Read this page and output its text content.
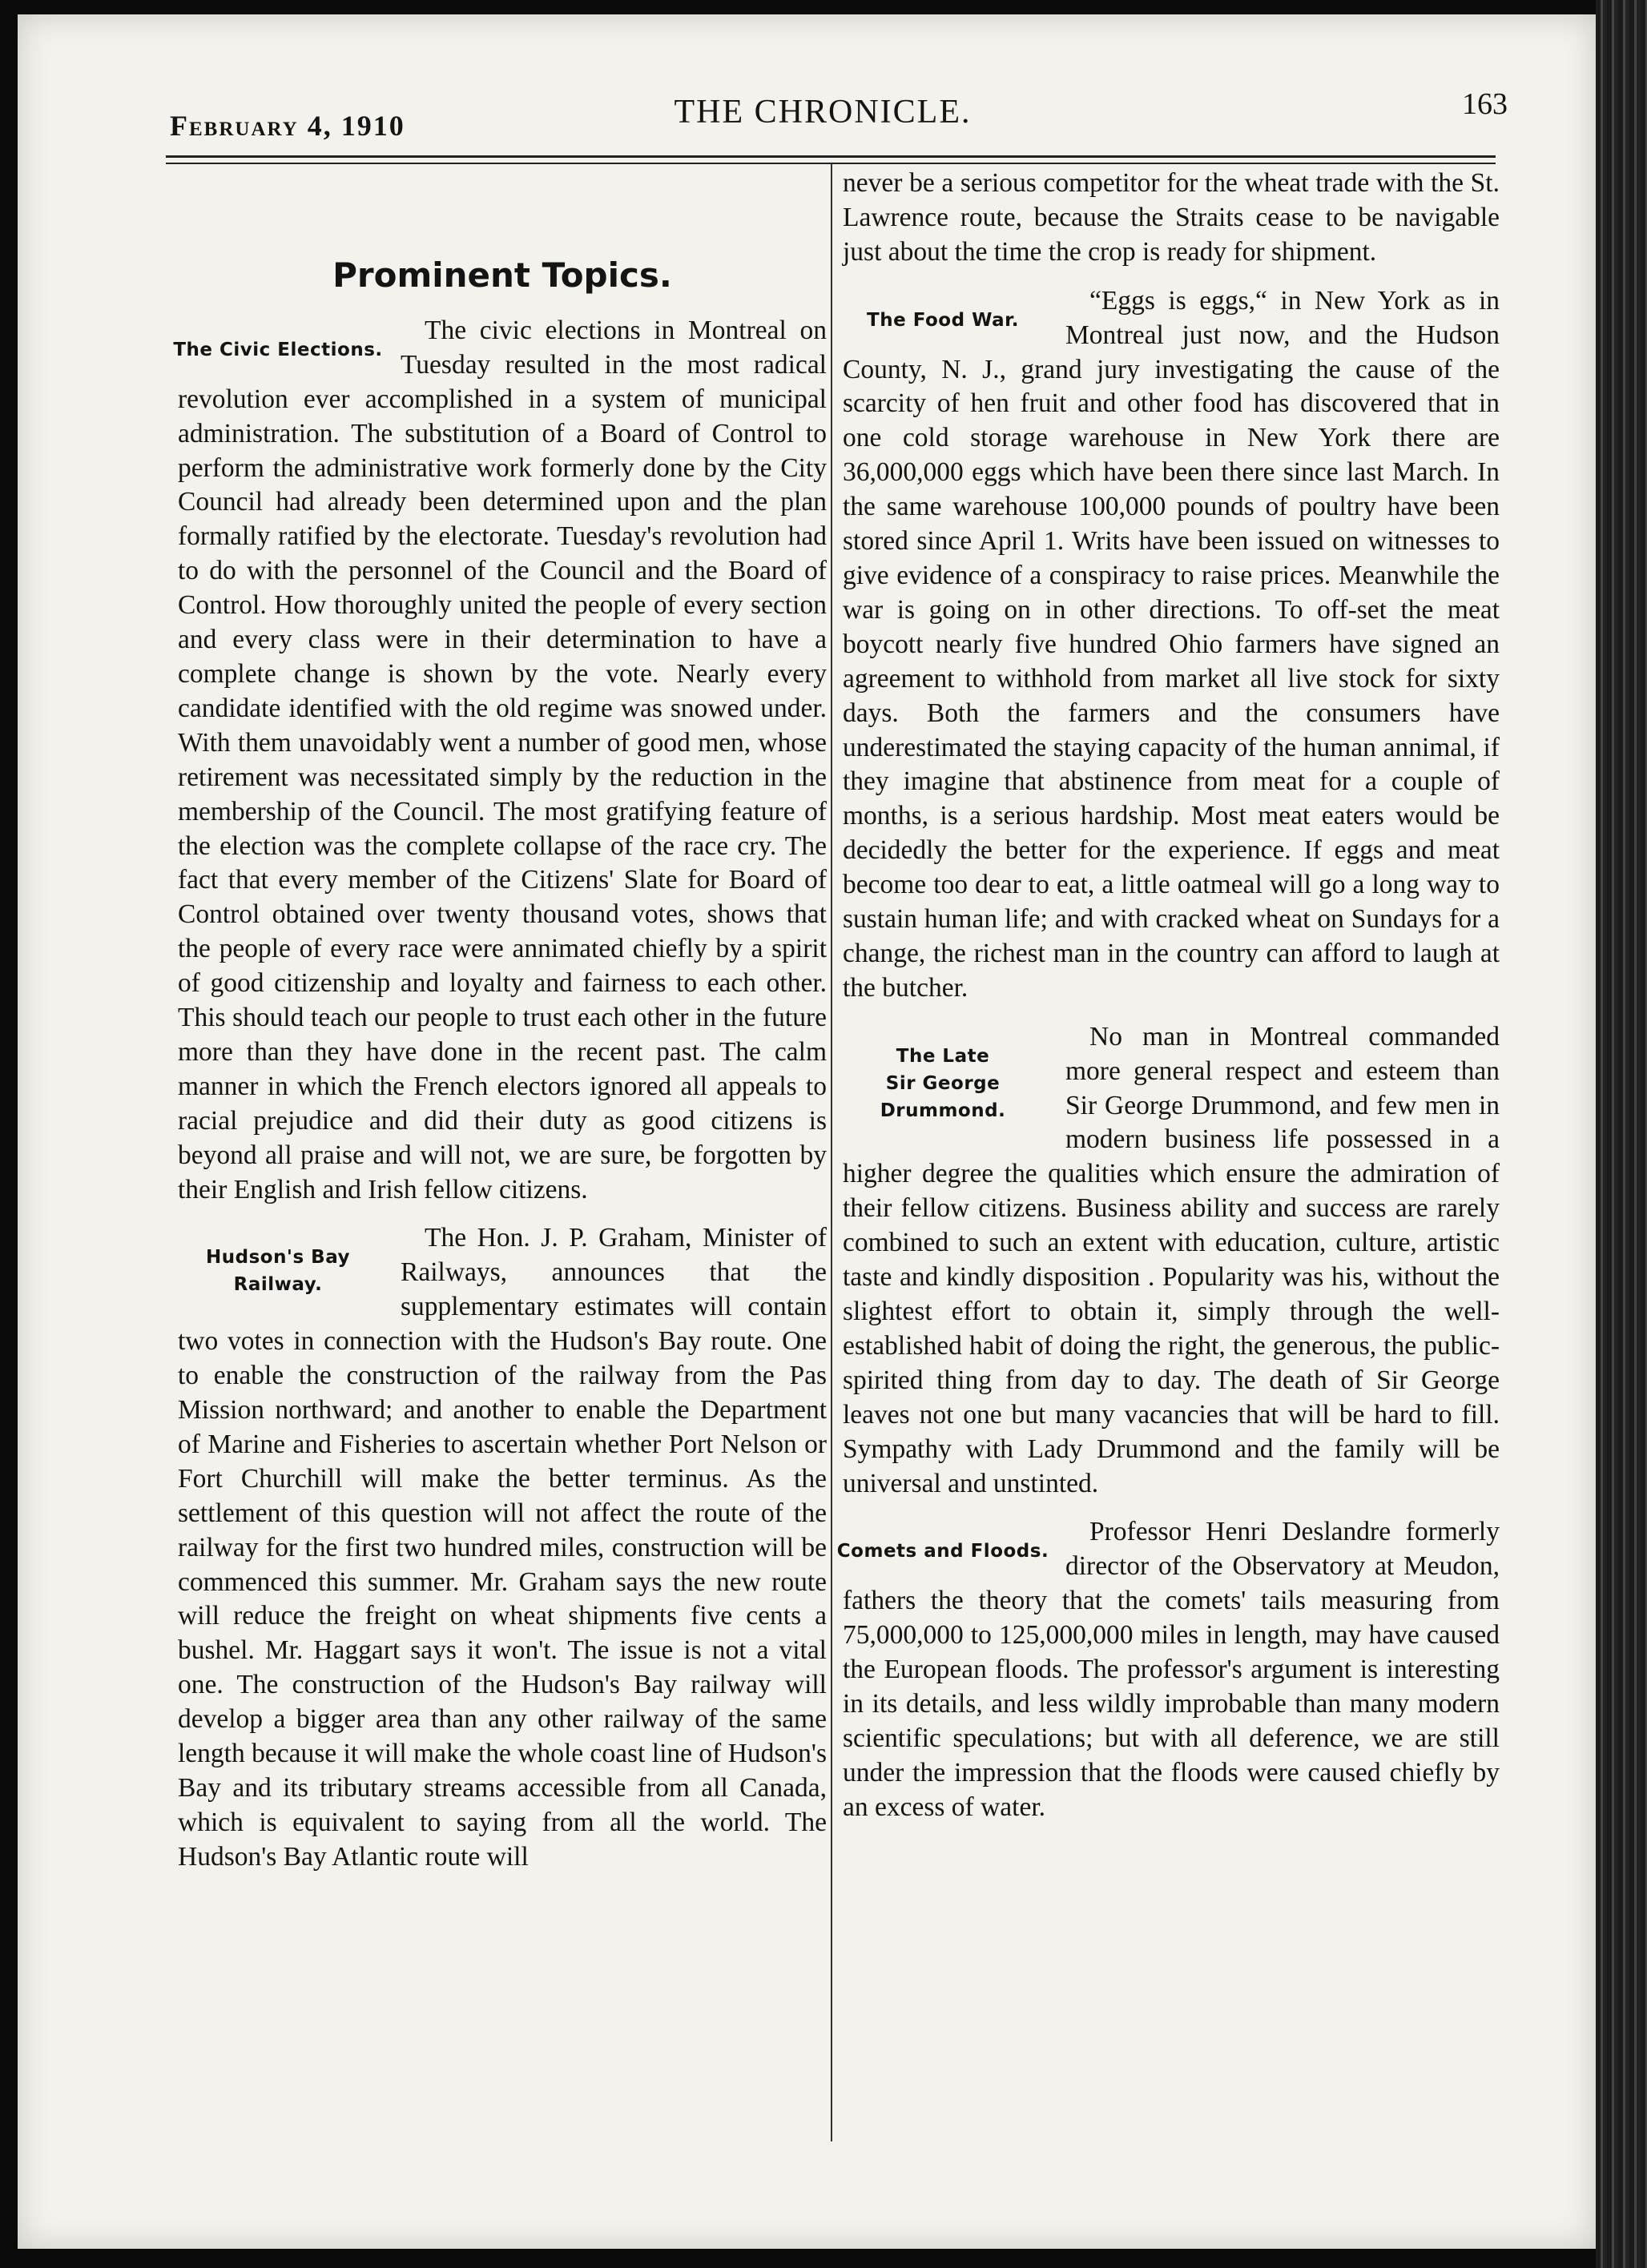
February 4, 1910	THE CHRONICLE.	163
Prominent Topics.
The Civic Elections.

The civic elections in Montreal on Tuesday resulted in the most radical revolution ever accomplished in a system of municipal administration. The substitution of a Board of Control to perform the administrative work formerly done by the City Council had already been determined upon and the plan formally ratified by the electorate. Tuesday's revolution had to do with the personnel of the Council and the Board of Control. How thoroughly united the people of every section and every class were in their determination to have a complete change is shown by the vote. Nearly every candidate identified with the old regime was snowed under. With them unavoidably went a number of good men, whose retirement was necessitated simply by the reduction in the membership of the Council. The most gratifying feature of the election was the complete collapse of the race cry. The fact that every member of the Citizens' Slate for Board of Control obtained over twenty thousand votes, shows that the people of every race were annimated chiefly by a spirit of good citizenship and loyalty and fairness to each other. This should teach our people to trust each other in the future more than they have done in the recent past. The calm manner in which the French electors ignored all appeals to racial prejudice and did their duty as good citizens is beyond all praise and will not, we are sure, be forgotten by their English and Irish fellow citizens.

Hudson's Bay
Railway.

The Hon. J. P. Graham, Minister of Railways, announces that the supplementary estimates will contain two votes in connection with the Hudson's Bay route. One to enable the construction of the railway from the Pas Mission northward; and another to enable the Department of Marine and Fisheries to ascertain whether Port Nelson or Fort Churchill will make the better terminus. As the settlement of this question will not affect the route of the railway for the first two hundred miles, construction will be commenced this summer. Mr. Graham says the new route will reduce the freight on wheat shipments five cents a bushel. Mr. Haggart says it won't. The issue is not a vital one. The construction of the Hudson's Bay railway will develop a bigger area than any other railway of the same length because it will make the whole coast line of Hudson's Bay and its tributary streams accessible from all Canada, which is equivalent to saying from all the world. The Hudson's Bay Atlantic route will

never be a serious competitor for the wheat trade with the St. Lawrence route, because the Straits cease to be navigable just about the time the crop is ready for shipment.

The Food War.

“Eggs is eggs,“ in New York as in Montreal just now, and the Hudson County, N. J., grand jury investigating the cause of the scarcity of hen fruit and other food has discovered that in one cold storage warehouse in New York there are 36,000,000 eggs which have been there since last March. In the same warehouse 100,000 pounds of poultry have been stored since April 1. Writs have been issued on witnesses to give evidence of a conspiracy to raise prices. Meanwhile the war is going on in other directions. To off-set the meat boycott nearly five hundred Ohio farmers have signed an agreement to withhold from market all live stock for sixty days. Both the farmers and the consumers have underestimated the staying capacity of the human annimal, if they imagine that abstinence from meat for a couple of months, is a serious hardship. Most meat eaters would be decidedly the better for the experience. If eggs and meat become too dear to eat, a little oatmeal will go a long way to sustain human life; and with cracked wheat on Sundays for a change, the richest man in the country can afford to laugh at the butcher.

The Late
Sir George Drummond.

No man in Montreal commanded more general respect and esteem than Sir George Drummond, and few men in modern business life possessed in a higher degree the qualities which ensure the admiration of their fellow citizens. Business ability and success are rarely combined to such an extent with education, culture, artistic taste and kindly disposition . Popularity was his, without the slightest effort to obtain it, simply through the well-established habit of doing the right, the generous, the public-spirited thing from day to day. The death of Sir George leaves not one but many vacancies that will be hard to fill. Sympathy with Lady Drummond and the family will be universal and unstinted.

Comets and Floods.

Professor Henri Deslandre formerly director of the Observatory at Meudon, fathers the theory that the comets' tails measuring from 75,000,000 to 125,000,000 miles in length, may have caused the European floods. The professor's argument is interesting in its details, and less wildly improbable than many modern scientific speculations; but with all deference, we are still under the impression that the floods were caused chiefly by an excess of water.
